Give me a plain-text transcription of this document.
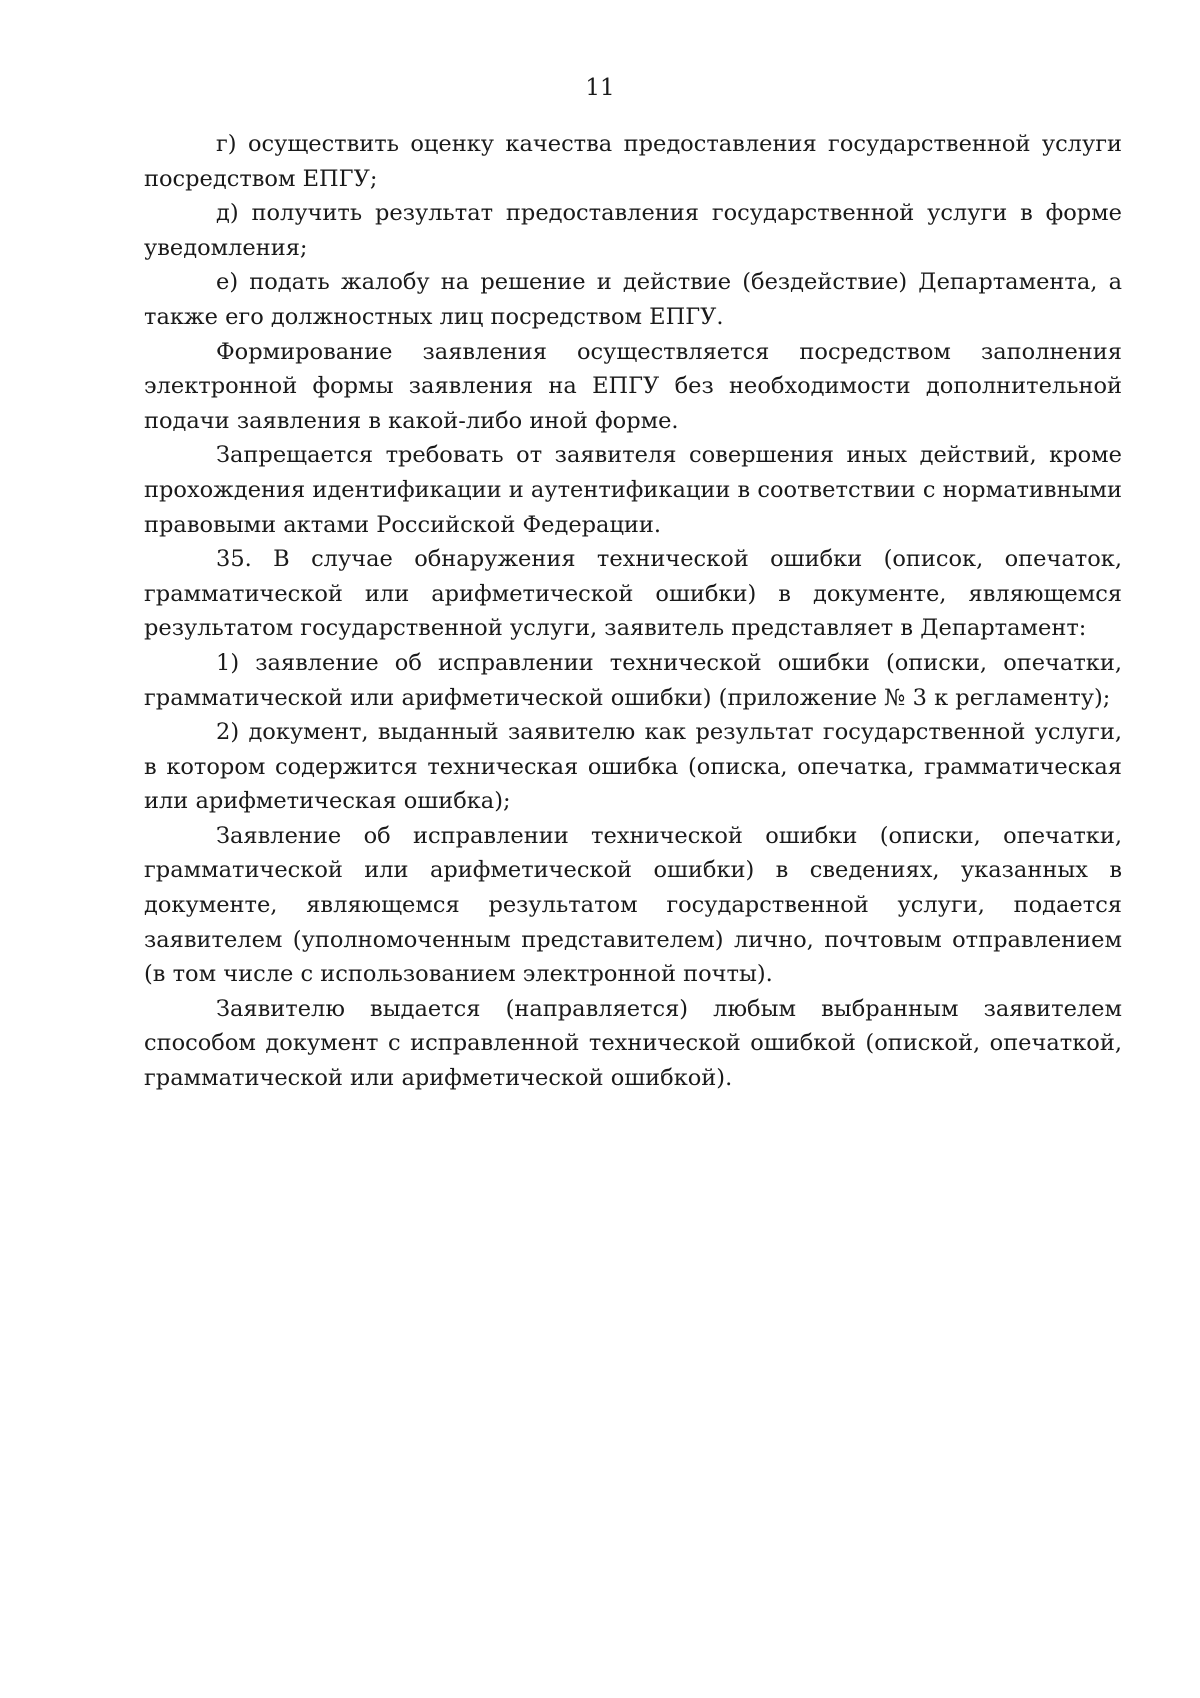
11

г) осуществить оценку качества предоставления государственной услуги посредством ЕПГУ;

д) получить результат предоставления государственной услуги в форме уведомления;

е) подать жалобу на решение и действие (бездействие) Департамента, а также его должностных лиц посредством ЕПГУ.

Формирование заявления осуществляется посредством заполнения электронной формы заявления на ЕПГУ без необходимости дополнительной подачи заявления в какой-либо иной форме.

Запрещается требовать от заявителя совершения иных действий, кроме прохождения идентификации и аутентификации в соответствии с нормативными правовыми актами Российской Федерации.

35. В случае обнаружения технической ошибки (описок, опечаток, грамматической или арифметической ошибки) в документе, являющемся результатом государственной услуги, заявитель представляет в Департамент:

1) заявление об исправлении технической ошибки (описки, опечатки, грамматической или арифметической ошибки) (приложение № 3 к регламенту);

2) документ, выданный заявителю как результат государственной услуги, в котором содержится техническая ошибка (описка, опечатка, грамматическая или арифметическая ошибка);

Заявление об исправлении технической ошибки (описки, опечатки, грамматической или арифметической ошибки) в сведениях, указанных в документе, являющемся результатом государственной услуги, подается заявителем (уполномоченным представителем) лично, почтовым отправлением (в том числе с использованием электронной почты).

Заявителю выдается (направляется) любым выбранным заявителем способом документ с исправленной технической ошибкой (опиской, опечаткой, грамматической или арифметической ошибкой).
